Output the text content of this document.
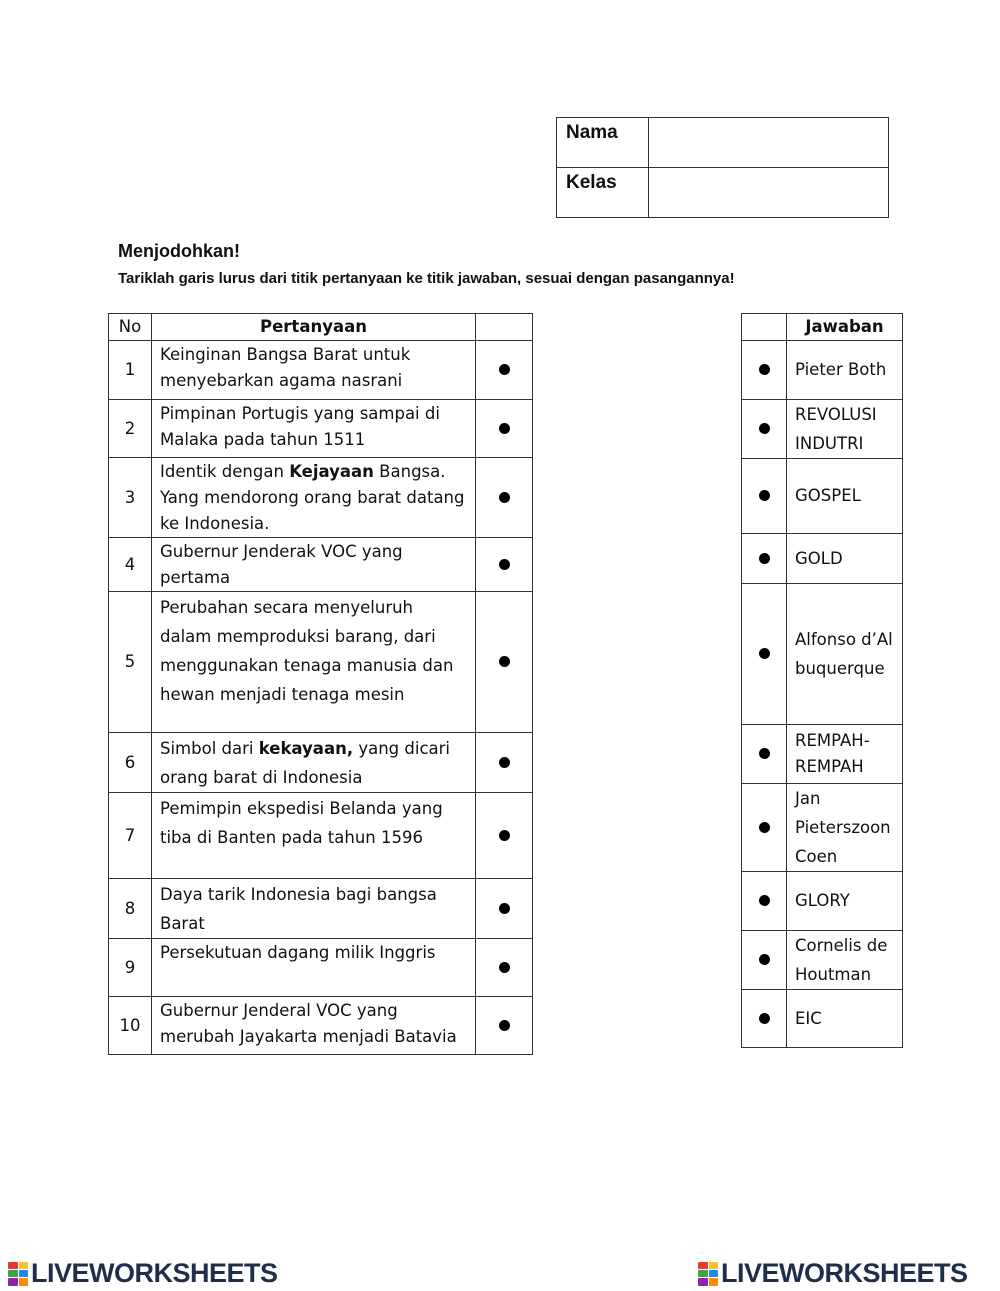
Nama	
Kelas	
Menjodohkan!
Tariklah garis lurus dari titik pertanyaan ke titik jawaban, sesuai dengan pasangannya!
No	Pertanyaan	
1	Keinginan Bangsa Barat untuk menyebarkan agama nasrani	
2	Pimpinan Portugis yang sampai di Malaka pada tahun 1511	
3	Identik dengan Kejayaan Bangsa. Yang mendorong orang barat datang ke Indonesia.	
4	Gubernur Jenderak VOC yang pertama	
5	Perubahan secara menyeluruh dalam memproduksi barang, dari menggunakan tenaga manusia dan hewan menjadi tenaga mesin	
6	Simbol dari kekayaan, yang dicari orang barat di Indonesia	
7	Pemimpin ekspedisi Belanda yang tiba di Banten pada tahun 1596	
8	Daya tarik Indonesia bagi bangsa Barat	
9	Persekutuan dagang milik Inggris	
10	Gubernur Jenderal VOC yang merubah Jayakarta menjadi Batavia	
	Jawaban
	Pieter Both
	REVOLUSI INDUTRI
	GOSPEL
	GOLD
	Alfonso d’Albuquerque
	REMPAH-REMPAH
	Jan Pieterszoon Coen
	GLORY
	Cornelis de Houtman
	EIC
LIVEWORKSHEETS	LIVEWORKSHEETS
